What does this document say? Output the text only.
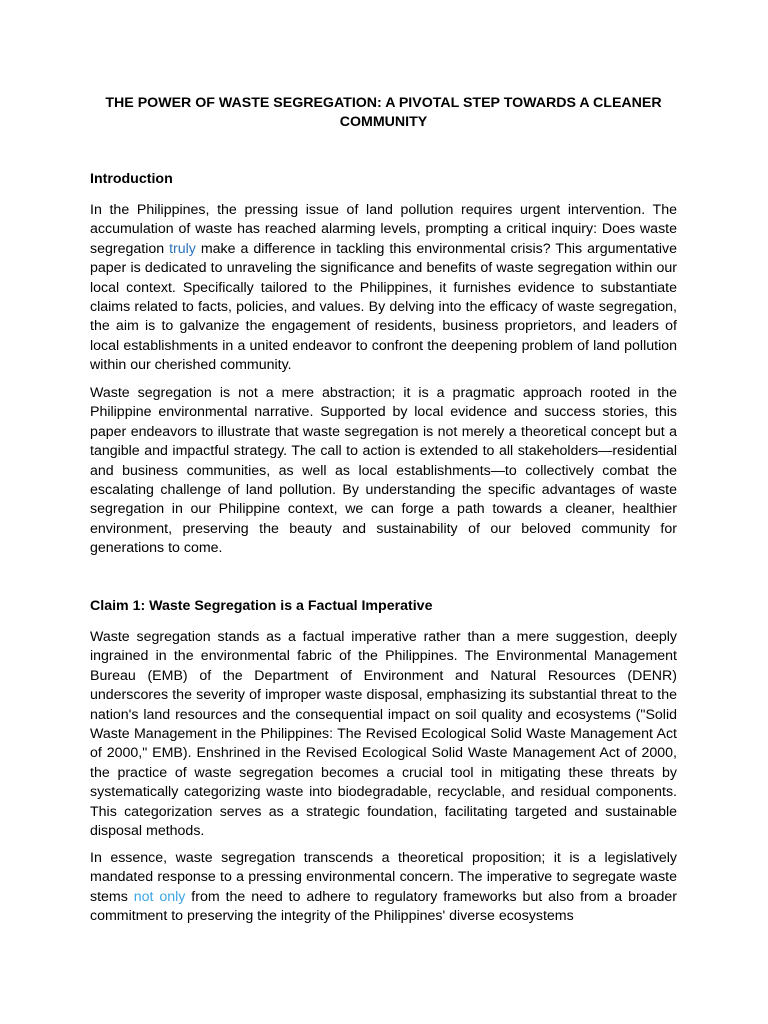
THE POWER OF WASTE SEGREGATION: A PIVOTAL STEP TOWARDS A CLEANER COMMUNITY

Introduction

In the Philippines, the pressing issue of land pollution requires urgent intervention. The accumulation of waste has reached alarming levels, prompting a critical inquiry: Does waste segregation truly make a difference in tackling this environmental crisis? This argumentative paper is dedicated to unraveling the significance and benefits of waste segregation within our local context. Specifically tailored to the Philippines, it furnishes evidence to substantiate claims related to facts, policies, and values. By delving into the efficacy of waste segregation, the aim is to galvanize the engagement of residents, business proprietors, and leaders of local establishments in a united endeavor to confront the deepening problem of land pollution within our cherished community.

Waste segregation is not a mere abstraction; it is a pragmatic approach rooted in the Philippine environmental narrative. Supported by local evidence and success stories, this paper endeavors to illustrate that waste segregation is not merely a theoretical concept but a tangible and impactful strategy. The call to action is extended to all stakeholders—residential and business communities, as well as local establishments—to collectively combat the escalating challenge of land pollution. By understanding the specific advantages of waste segregation in our Philippine context, we can forge a path towards a cleaner, healthier environment, preserving the beauty and sustainability of our beloved community for generations to come.

Claim 1: Waste Segregation is a Factual Imperative

Waste segregation stands as a factual imperative rather than a mere suggestion, deeply ingrained in the environmental fabric of the Philippines. The Environmental Management Bureau (EMB) of the Department of Environment and Natural Resources (DENR) underscores the severity of improper waste disposal, emphasizing its substantial threat to the nation's land resources and the consequential impact on soil quality and ecosystems ("Solid Waste Management in the Philippines: The Revised Ecological Solid Waste Management Act of 2000," EMB). Enshrined in the Revised Ecological Solid Waste Management Act of 2000, the practice of waste segregation becomes a crucial tool in mitigating these threats by systematically categorizing waste into biodegradable, recyclable, and residual components. This categorization serves as a strategic foundation, facilitating targeted and sustainable disposal methods.

In essence, waste segregation transcends a theoretical proposition; it is a legislatively mandated response to a pressing environmental concern. The imperative to segregate waste stems not only from the need to adhere to regulatory frameworks but also from a broader commitment to preserving the integrity of the Philippines' diverse ecosystems
